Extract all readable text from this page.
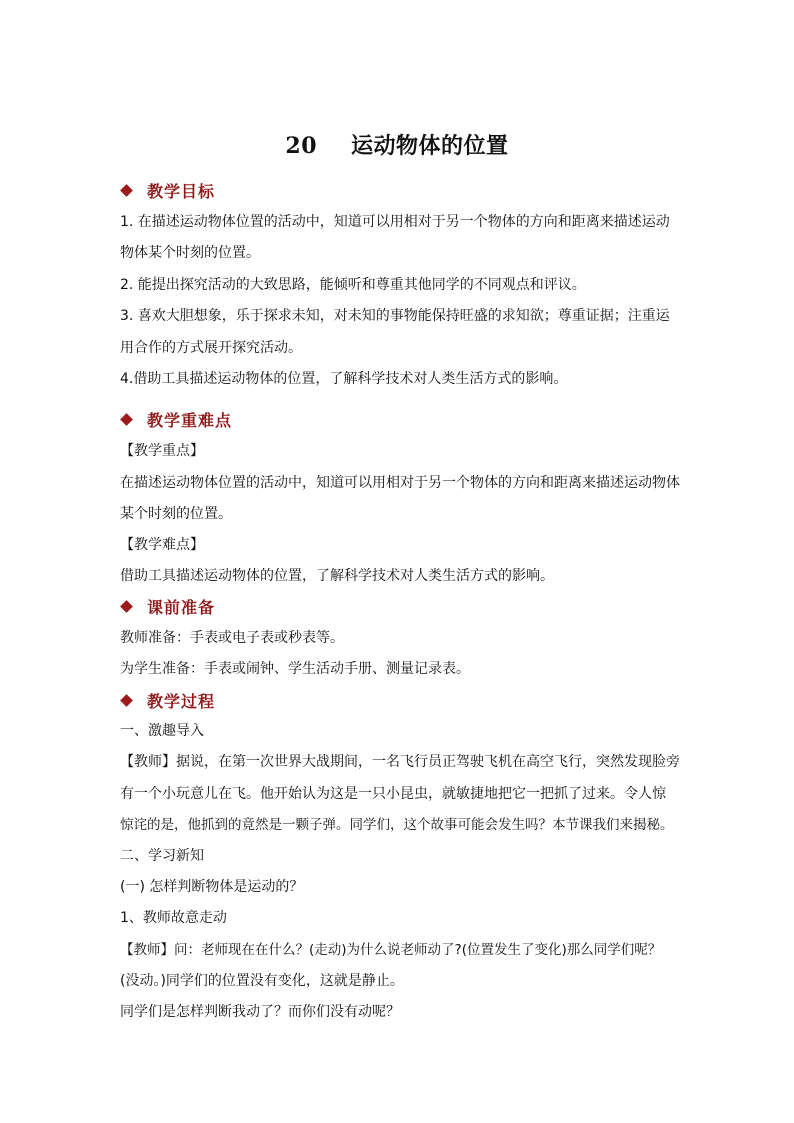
20 运动物体的位置
教学目标
1. 在描述运动物体位置的活动中，知道可以用相对于另一个物体的方向和距离来描述运动
物体某个时刻的位置。
2. 能提出探究活动的大致思路，能倾听和尊重其他同学的不同观点和评议。
3. 喜欢大胆想象，乐于探求未知，对未知的事物能保持旺盛的求知欲；尊重证据；注重运
用合作的方式展开探究活动。
4.借助工具描述运动物体的位置，了解科学技术对人类生活方式的影响。
教学重难点
【教学重点】
在描述运动物体位置的活动中，知道可以用相对于另一个物体的方向和距离来描述运动物体
某个时刻的位置。
【教学难点】
借助工具描述运动物体的位置，了解科学技术对人类生活方式的影响。
课前准备
教师准备：手表或电子表或秒表等。
为学生准备：手表或闹钟、学生活动手册、测量记录表。
教学过程
一、激趣导入
【教师】据说，在第一次世界大战期间，一名飞行员正驾驶飞机在高空飞行，突然发现脸旁
有一个小玩意儿在飞。他开始认为这是一只小昆虫，就敏捷地把它一把抓了过来。令人惊
惊诧的是，他抓到的竟然是一颗子弹。同学们，这个故事可能会发生吗？本节课我们来揭秘。
二、学习新知
(一) 怎样判断物体是运动的？
1、教师故意走动
【教师】问：老师现在在什么？(走动)为什么说老师动了?(位置发生了变化)那么同学们呢？
(没动。)同学们的位置没有变化，这就是静止。
同学们是怎样判断我动了？而你们没有动呢？
